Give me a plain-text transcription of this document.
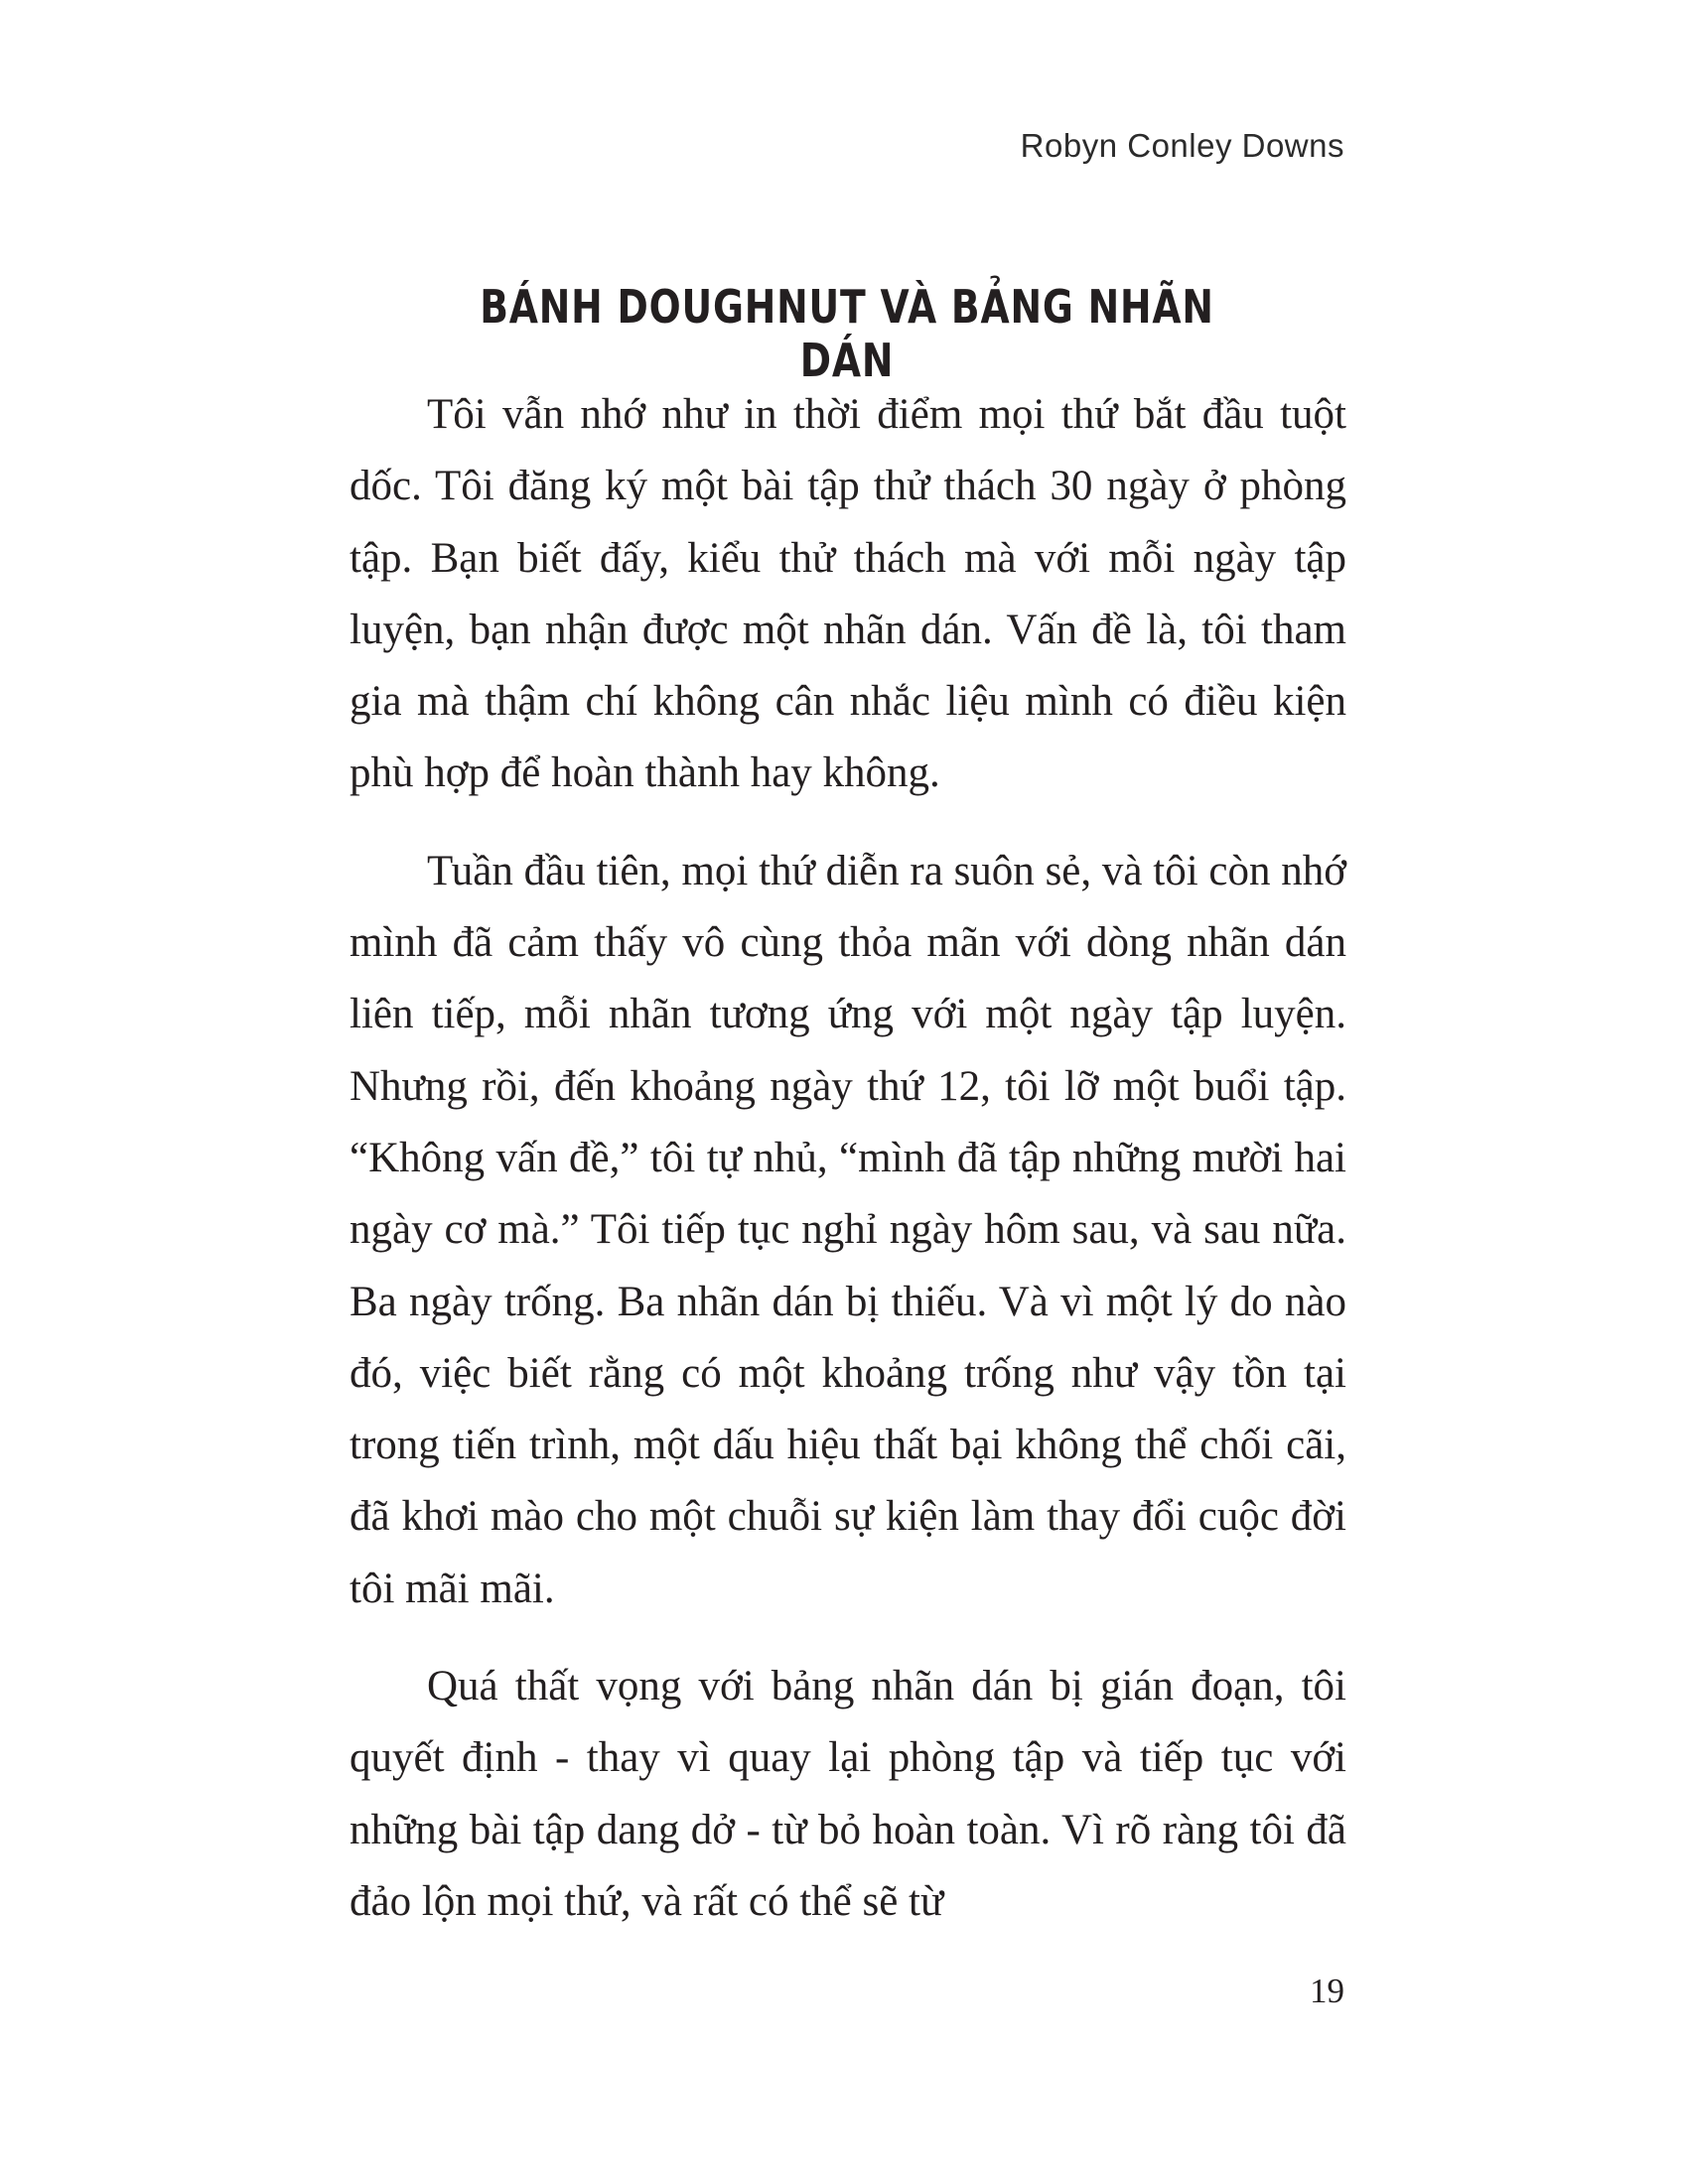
Robyn Conley Downs

BÁNH DOUGHNUT VÀ BẢNG NHÃN DÁN

Tôi vẫn nhớ như in thời điểm mọi thứ bắt đầu tuột dốc. Tôi đăng ký một bài tập thử thách 30 ngày ở phòng tập. Bạn biết đấy, kiểu thử thách mà với mỗi ngày tập luyện, bạn nhận được một nhãn dán. Vấn đề là, tôi tham gia mà thậm chí không cân nhắc liệu mình có điều kiện phù hợp để hoàn thành hay không.

Tuần đầu tiên, mọi thứ diễn ra suôn sẻ, và tôi còn nhớ mình đã cảm thấy vô cùng thỏa mãn với dòng nhãn dán liên tiếp, mỗi nhãn tương ứng với một ngày tập luyện. Nhưng rồi, đến khoảng ngày thứ 12, tôi lỡ một buổi tập. “Không vấn đề,” tôi tự nhủ, “mình đã tập những mười hai ngày cơ mà.” Tôi tiếp tục nghỉ ngày hôm sau, và sau nữa. Ba ngày trống. Ba nhãn dán bị thiếu. Và vì một lý do nào đó, việc biết rằng có một khoảng trống như vậy tồn tại trong tiến trình, một dấu hiệu thất bại không thể chối cãi, đã khơi mào cho một chuỗi sự kiện làm thay đổi cuộc đời tôi mãi mãi.

Quá thất vọng với bảng nhãn dán bị gián đoạn, tôi quyết định - thay vì quay lại phòng tập và tiếp tục với những bài tập dang dở - từ bỏ hoàn toàn. Vì rõ ràng tôi đã đảo lộn mọi thứ, và rất có thể sẽ từ

19
